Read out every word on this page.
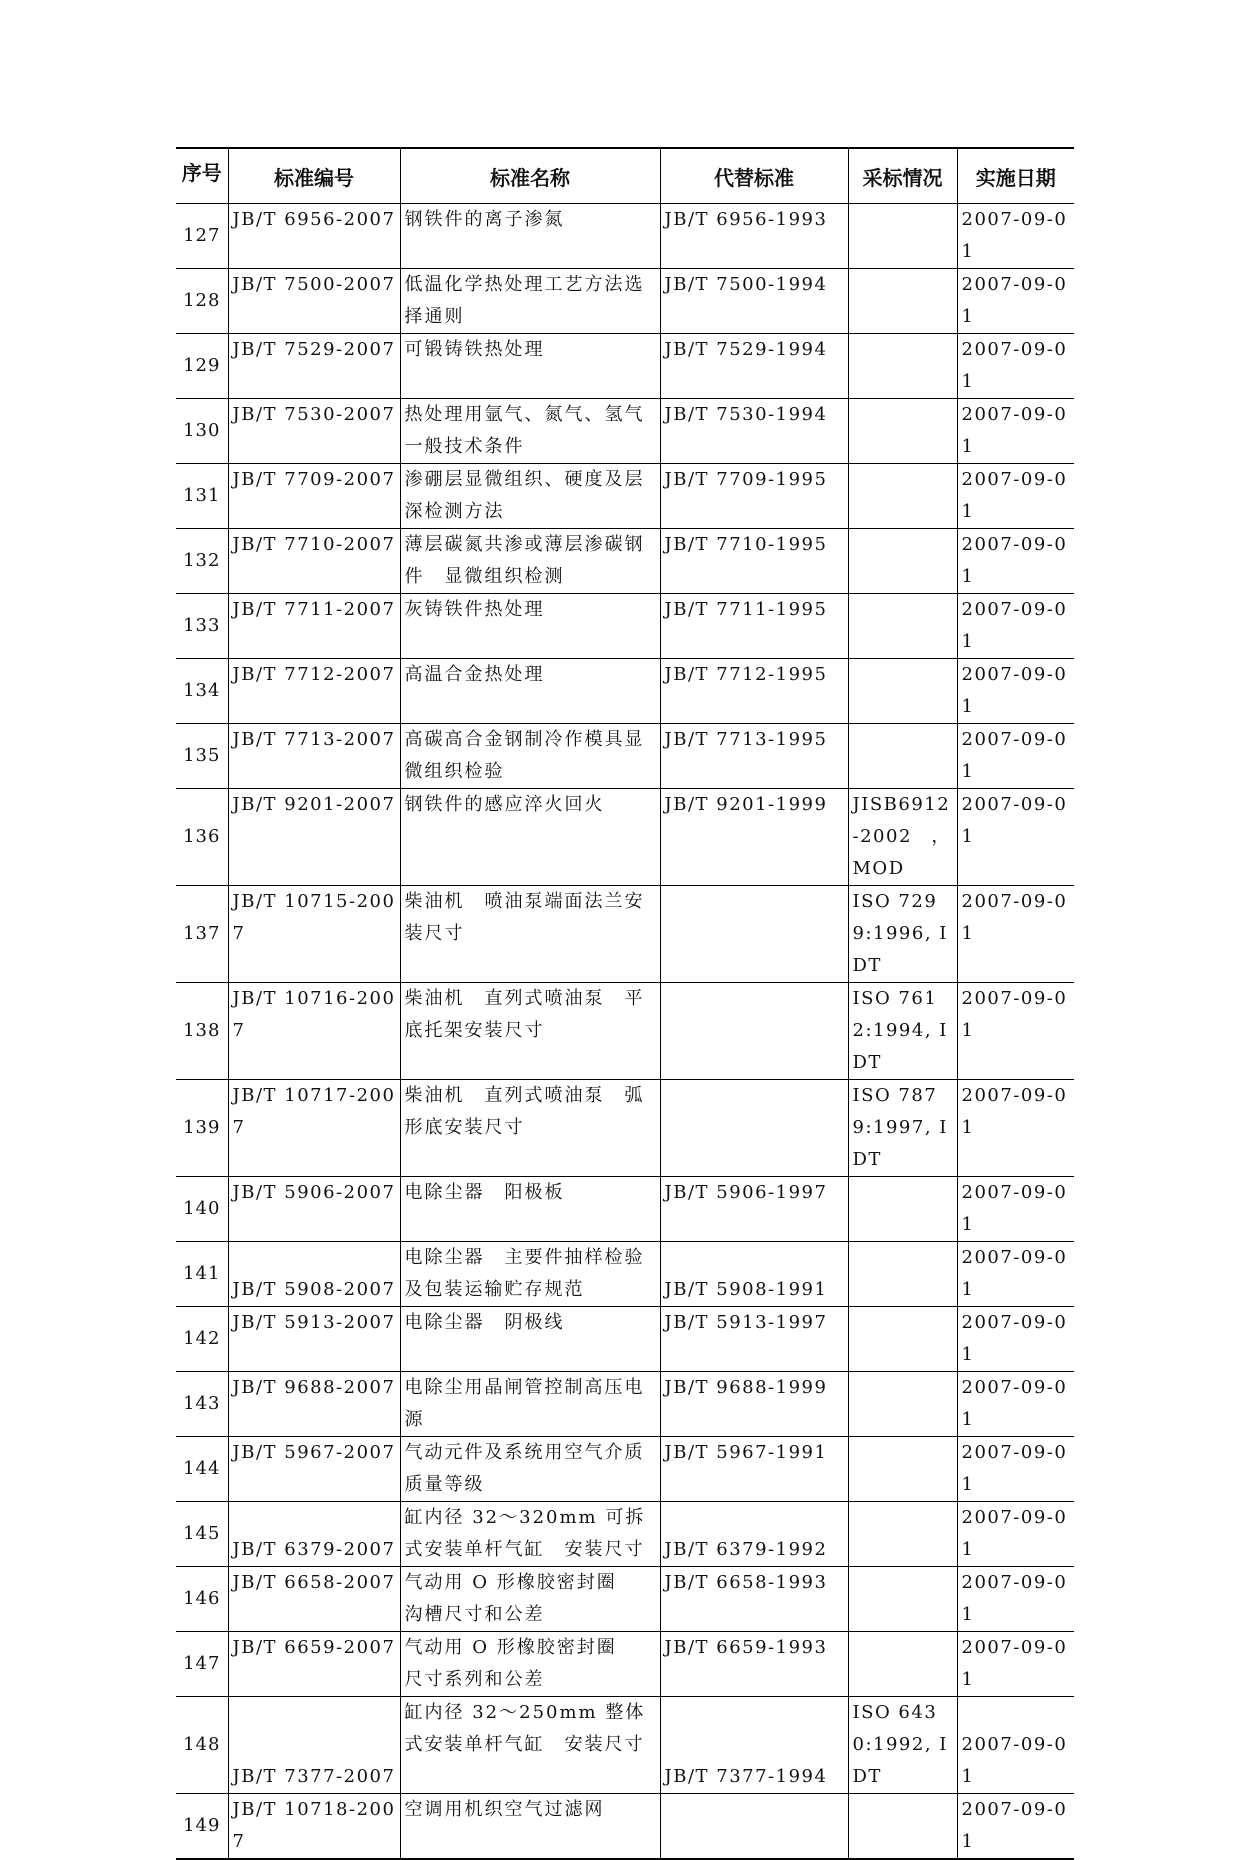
序号	标准编号	标准名称	代替标准	采标情况	实施日期
127	JB/T 6956-2007	钢铁件的离子渗氮	JB/T 6956-1993		2007-09-01
128	JB/T 7500-2007	低温化学热处理工艺方法选择通则	JB/T 7500-1994		2007-09-01
129	JB/T 7529-2007	可锻铸铁热处理	JB/T 7529-1994		2007-09-01
130	JB/T 7530-2007	热处理用氩气、氮气、氢气一般技术条件	JB/T 7530-1994		2007-09-01
131	JB/T 7709-2007	渗硼层显微组织、硬度及层深检测方法	JB/T 7709-1995		2007-09-01
132	JB/T 7710-2007	薄层碳氮共渗或薄层渗碳钢件　显微组织检测	JB/T 7710-1995		2007-09-01
133	JB/T 7711-2007	灰铸铁件热处理	JB/T 7711-1995		2007-09-01
134	JB/T 7712-2007	高温合金热处理	JB/T 7712-1995		2007-09-01
135	JB/T 7713-2007	高碳高合金钢制冷作模具显微组织检验	JB/T 7713-1995		2007-09-01
136	JB/T 9201-2007	钢铁件的感应淬火回火	JB/T 9201-1999	JISB6912-2002　，MOD	2007-09-01
137	JB/T 10715-2007	柴油机　喷油泵端面法兰安装尺寸		ISO 7299:1996, IDT	2007-09-01
138	JB/T 10716-2007	柴油机　直列式喷油泵　平底托架安装尺寸		ISO 7612:1994, IDT	2007-09-01
139	JB/T 10717-2007	柴油机　直列式喷油泵　弧形底安装尺寸		ISO 7879:1997, IDT	2007-09-01
140	JB/T 5906-2007	电除尘器　阳极板	JB/T 5906-1997		2007-09-01
141	JB/T 5908-2007	电除尘器　主要件抽样检验及包装运输贮存规范	JB/T 5908-1991		2007-09-01
142	JB/T 5913-2007	电除尘器　阴极线	JB/T 5913-1997		2007-09-01
143	JB/T 9688-2007	电除尘用晶闸管控制高压电源	JB/T 9688-1999		2007-09-01
144	JB/T 5967-2007	气动元件及系统用空气介质质量等级	JB/T 5967-1991		2007-09-01
145	JB/T 6379-2007	缸内径 32～320mm 可拆式安装单杆气缸　安装尺寸	JB/T 6379-1992		2007-09-01
146	JB/T 6658-2007	气动用 O 形橡胶密封圈　沟槽尺寸和公差	JB/T 6658-1993		2007-09-01
147	JB/T 6659-2007	气动用 O 形橡胶密封圈　尺寸系列和公差	JB/T 6659-1993		2007-09-01
148	JB/T 7377-2007	缸内径 32～250mm 整体式安装单杆气缸　安装尺寸	JB/T 7377-1994	ISO 6430:1992, IDT	2007-09-01
149	JB/T 10718-2007	空调用机织空气过滤网			2007-09-01
